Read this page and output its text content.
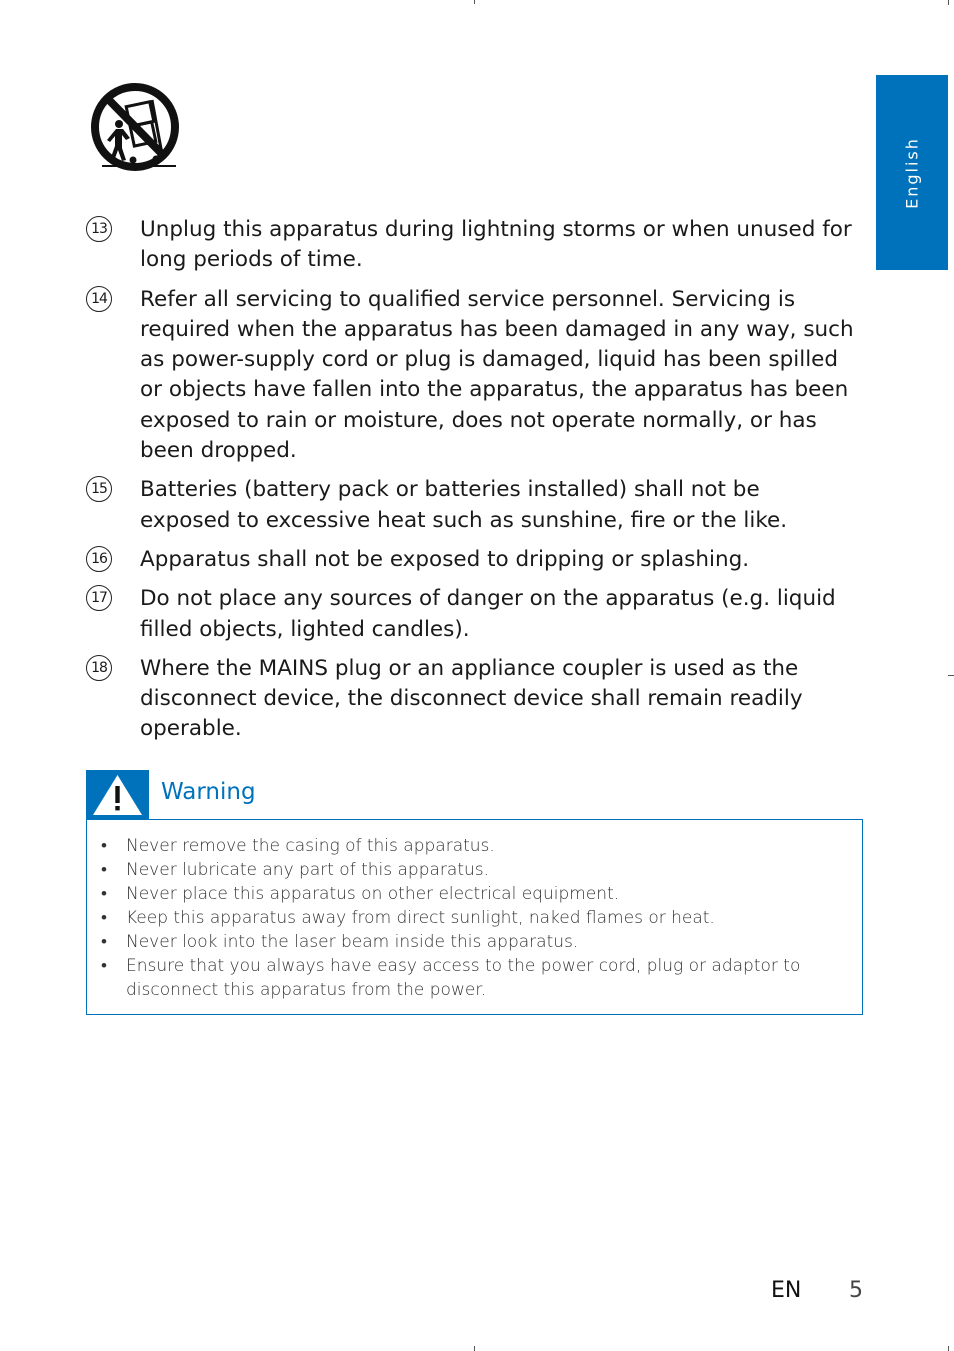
English
13 Unplug this apparatus during lightning storms or when unused for long periods of time.
14 Refer all servicing to qualified service personnel. Servicing is required when the apparatus has been damaged in any way, such as power-supply cord or plug is damaged, liquid has been spilled or objects have fallen into the apparatus, the apparatus has been exposed to rain or moisture, does not operate normally, or has been dropped.
15 Batteries (battery pack or batteries installed) shall not be exposed to excessive heat such as sunshine, fire or the like.
16 Apparatus shall not be exposed to dripping or splashing.
17 Do not place any sources of danger on the apparatus (e.g. liquid filled objects, lighted candles).
18 Where the MAINS plug or an appliance coupler is used as the disconnect device, the disconnect device shall remain readily operable.
Warning
• Never remove the casing of this apparatus.
• Never lubricate any part of this apparatus.
• Never place this apparatus on other electrical equipment.
• Keep this apparatus away from direct sunlight, naked flames or heat.
• Never look into the laser beam inside this apparatus.
• Ensure that you always have easy access to the power cord, plug or adaptor to disconnect this apparatus from the power.
EN 5
